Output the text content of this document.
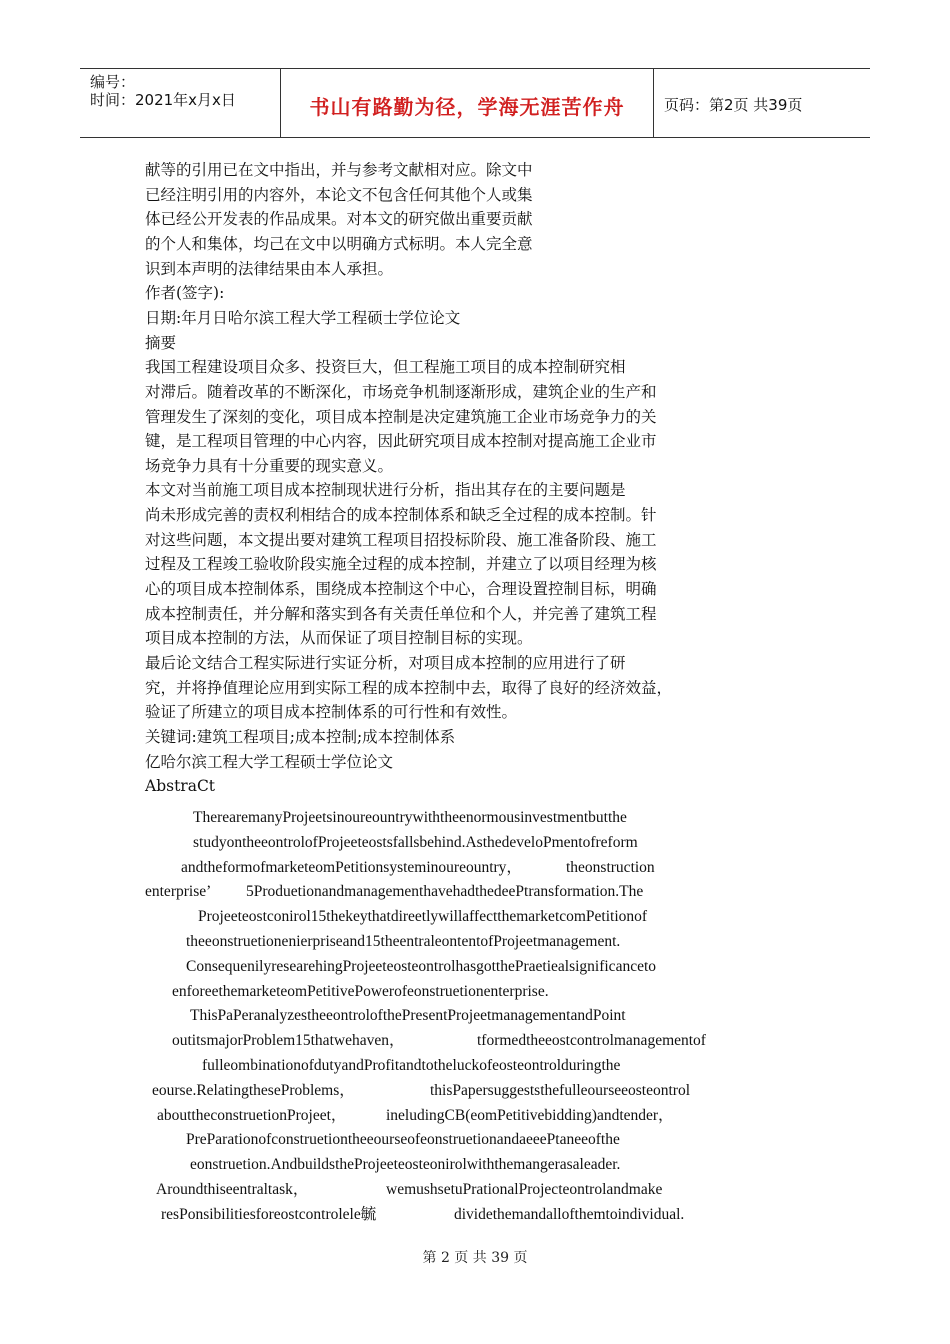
编号：
时间：2021年x月x日	书山有路勤为径，学海无涯苦作舟	页码：第2页 共39页
献等的引用已在文中指出，并与参考文献相对应。除文中
已经注明引用的内容外，本论文不包含任何其他个人或集
体已经公开发表的作品成果。对本文的研究做出重要贡献
的个人和集体，均己在文中以明确方式标明。本人完全意
识到本声明的法律结果由本人承担。
作者(签字):
日期:年月日哈尔滨工程大学工程硕士学位论文
摘要
我国工程建设项目众多、投资巨大，但工程施工项目的成本控制研究相
对滞后。随着改革的不断深化，市场竞争机制逐渐形成，建筑企业的生产和
管理发生了深刻的变化，项目成本控制是决定建筑施工企业市场竞争力的关
键，是工程项目管理的中心内容，因此研究项目成本控制对提高施工企业市
场竞争力具有十分重要的现实意义。
本文对当前施工项目成本控制现状进行分析，指出其存在的主要问题是
尚未形成完善的责权利相结合的成本控制体系和缺乏全过程的成本控制。针
对这些问题，本文提出要对建筑工程项目招投标阶段、施工准备阶段、施工
过程及工程竣工验收阶段实施全过程的成本控制，并建立了以项目经理为核
心的项目成本控制体系，围绕成本控制这个中心，合理设置控制目标，明确
成本控制责任，并分解和落实到各有关责任单位和个人，并完善了建筑工程
项目成本控制的方法，从而保证了项目控制目标的实现。
最后论文结合工程实际进行实证分析，对项目成本控制的应用进行了研
究，并将挣值理论应用到实际工程的成本控制中去，取得了良好的经济效益，
验证了所建立的项目成本控制体系的可行性和有效性。
关键词:建筑工程项目;成本控制;成本控制体系
亿哈尔滨工程大学工程硕士学位论文
AbstraCt
TherearemanyProjeetsinoureountrywiththeenormousinvestmentbutthe
studyontheeontrolofProjeeteostsfallsbehind.AsthedeveloPmentofreform
andtheformofmarketeomPetitionsysteminoureountry，	theonstruction
enterprise’ 5ProduetionandmanagementhavehadthedeePtransformation.The
Projeeteostconirol15thekeythatdireetlywillaffectthemarketcomPetitionof
theeonstruetionenierpriseand15theentraleontentofProjeetmanagement.
ConsequenilyresearehingProjeeteosteontrolhasgotthePraetiealsignificanceto
enforeethemarketeomPetitivePowerofeonstruetionenterprise.
ThisPaPeranalyzestheeontrolofthePresentProjeetmanagementandPoint
outitsmajorProblem15thatwehaven，	tformedtheeostcontrolmanagementof
fulleombinationofdutyandProfitandtotheluckofeosteontrolduringthe
eourse.RelatingtheseProblems，	thisPapersuggeststhefulleourseeosteontrol
abouttheconstruetionProjeet，	ineludingCB(eomPetitivebidding)andtender，
PreParationofconstruetiontheeourseofeonstruetionandaeeePtaneeofthe
eonstruetion.AndbuildstheProjeeteosteonirolwiththemangerasaleader.
Aroundthiseentraltask，	wemushsetuPrationalProjecteontrolandmake
resPonsibilitiesforeostcontrolele毓	dividethemandallofthemtoindividual.
第 2 页 共 39 页
